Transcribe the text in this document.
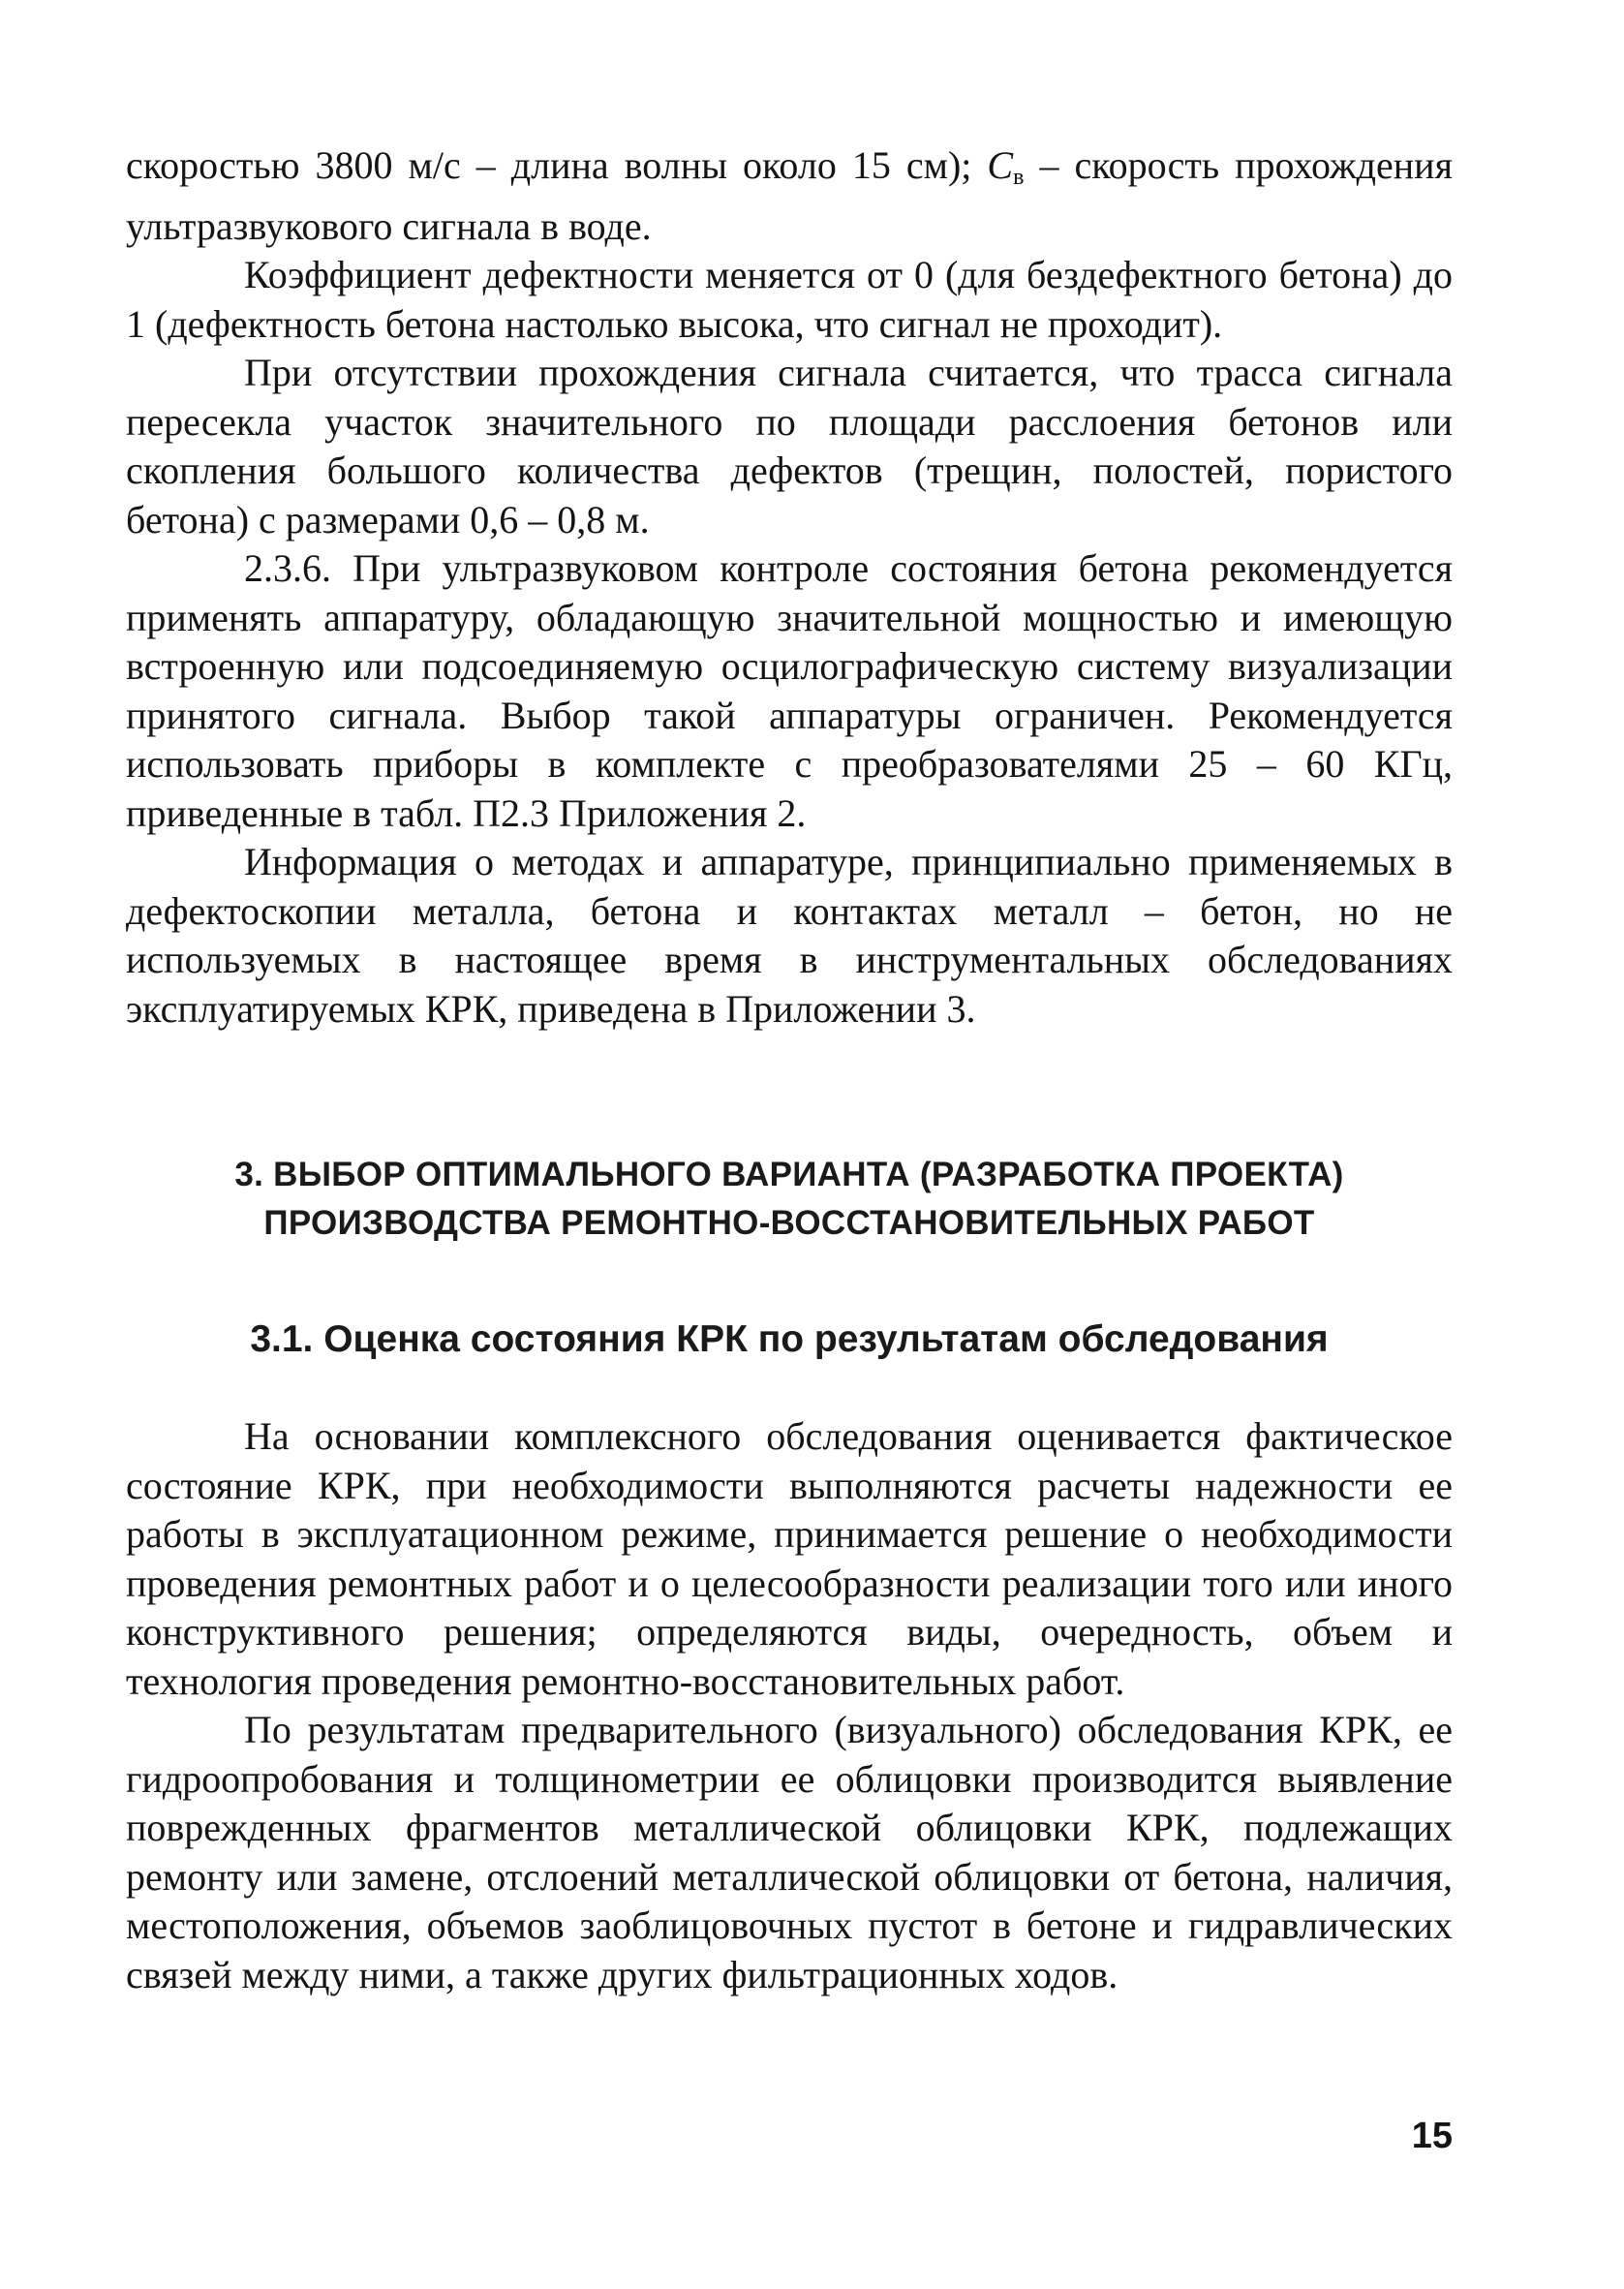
скоростью 3800 м/с – длина волны около 15 см); $C_в$ – скорость прохождения ультразвукового сигнала в воде.

Коэффициент дефектности меняется от 0 (для бездефектного бетона) до 1 (дефектность бетона настолько высока, что сигнал не проходит).

При отсутствии прохождения сигнала считается, что трасса сигнала пересекла участок значительного по площади расслоения бетонов или скопления большого количества дефектов (трещин, полостей, пористого бетона) с размерами 0,6 – 0,8 м.

2.3.6. При ультразвуковом контроле состояния бетона рекомендуется применять аппаратуру, обладающую значительной мощностью и имеющую встроенную или подсоединяемую осцилографическую систему визуализации принятого сигнала. Выбор такой аппаратуры ограничен. Рекомендуется использовать приборы в комплекте с преобразователями 25 – 60 КГц, приведенные в табл. П2.3 Приложения 2.

Информация о методах и аппаратуре, принципиально применяемых в дефектоскопии металла, бетона и контактах металл – бетон, но не используемых в настоящее время в инструментальных обследованиях эксплуатируемых КРК, приведена в Приложении 3.

3. ВЫБОР ОПТИМАЛЬНОГО ВАРИАНТА (РАЗРАБОТКА ПРОЕКТА)
ПРОИЗВОДСТВА РЕМОНТНО-ВОССТАНОВИТЕЛЬНЫХ РАБОТ
3.1. Оценка состояния КРК по результатам обследования

На основании комплексного обследования оценивается фактическое состояние КРК, при необходимости выполняются расчеты надежности ее работы в эксплуатационном режиме, принимается решение о необходимости проведения ремонтных работ и о целесообразности реализации того или иного конструктивного решения; определяются виды, очередность, объем и технология проведения ремонтно-восстановительных работ.

По результатам предварительного (визуального) обследования КРК, ее гидроопробования и толщинометрии ее облицовки производится выявление поврежденных фрагментов металлической облицовки КРК, подлежащих ремонту или замене, отслоений металлической облицовки от бетона, наличия, местоположения, объемов заоблицовочных пустот в бетоне и гидравлических связей между ними, а также других фильтрационных ходов.

15
